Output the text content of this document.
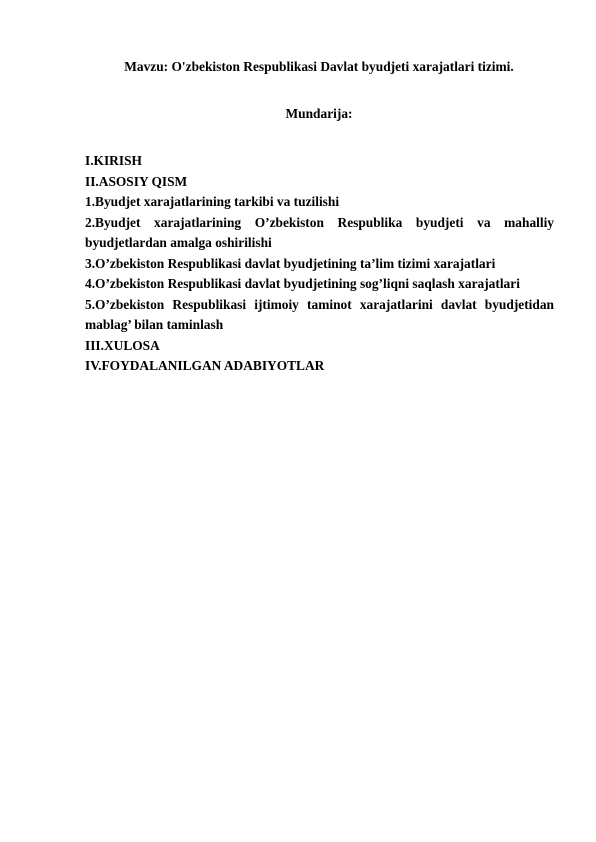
Mavzu: O'zbekiston Respublikasi Davlat byudjeti xarajatlari tizimi.
Mundarija:
I.KIRISH
II.ASOSIY QISM
1.Byudjet xarajatlarining tarkibi va tuzilishi
2.Byudjet xarajatlarining O’zbekiston Respublika byudjeti va mahalliy byudjetlardan amalga oshirilishi
3.O’zbekiston Respublikasi davlat byudjetining ta’lim tizimi xarajatlari
4.O’zbekiston Respublikasi davlat byudjetining sog’liqni saqlash xarajatlari
5.O’zbekiston Respublikasi ijtimoiy taminot xarajatlarini davlat byudjetidan mablag’ bilan taminlash
III.XULOSA
IV.FOYDALANILGAN ADABIYOTLAR
